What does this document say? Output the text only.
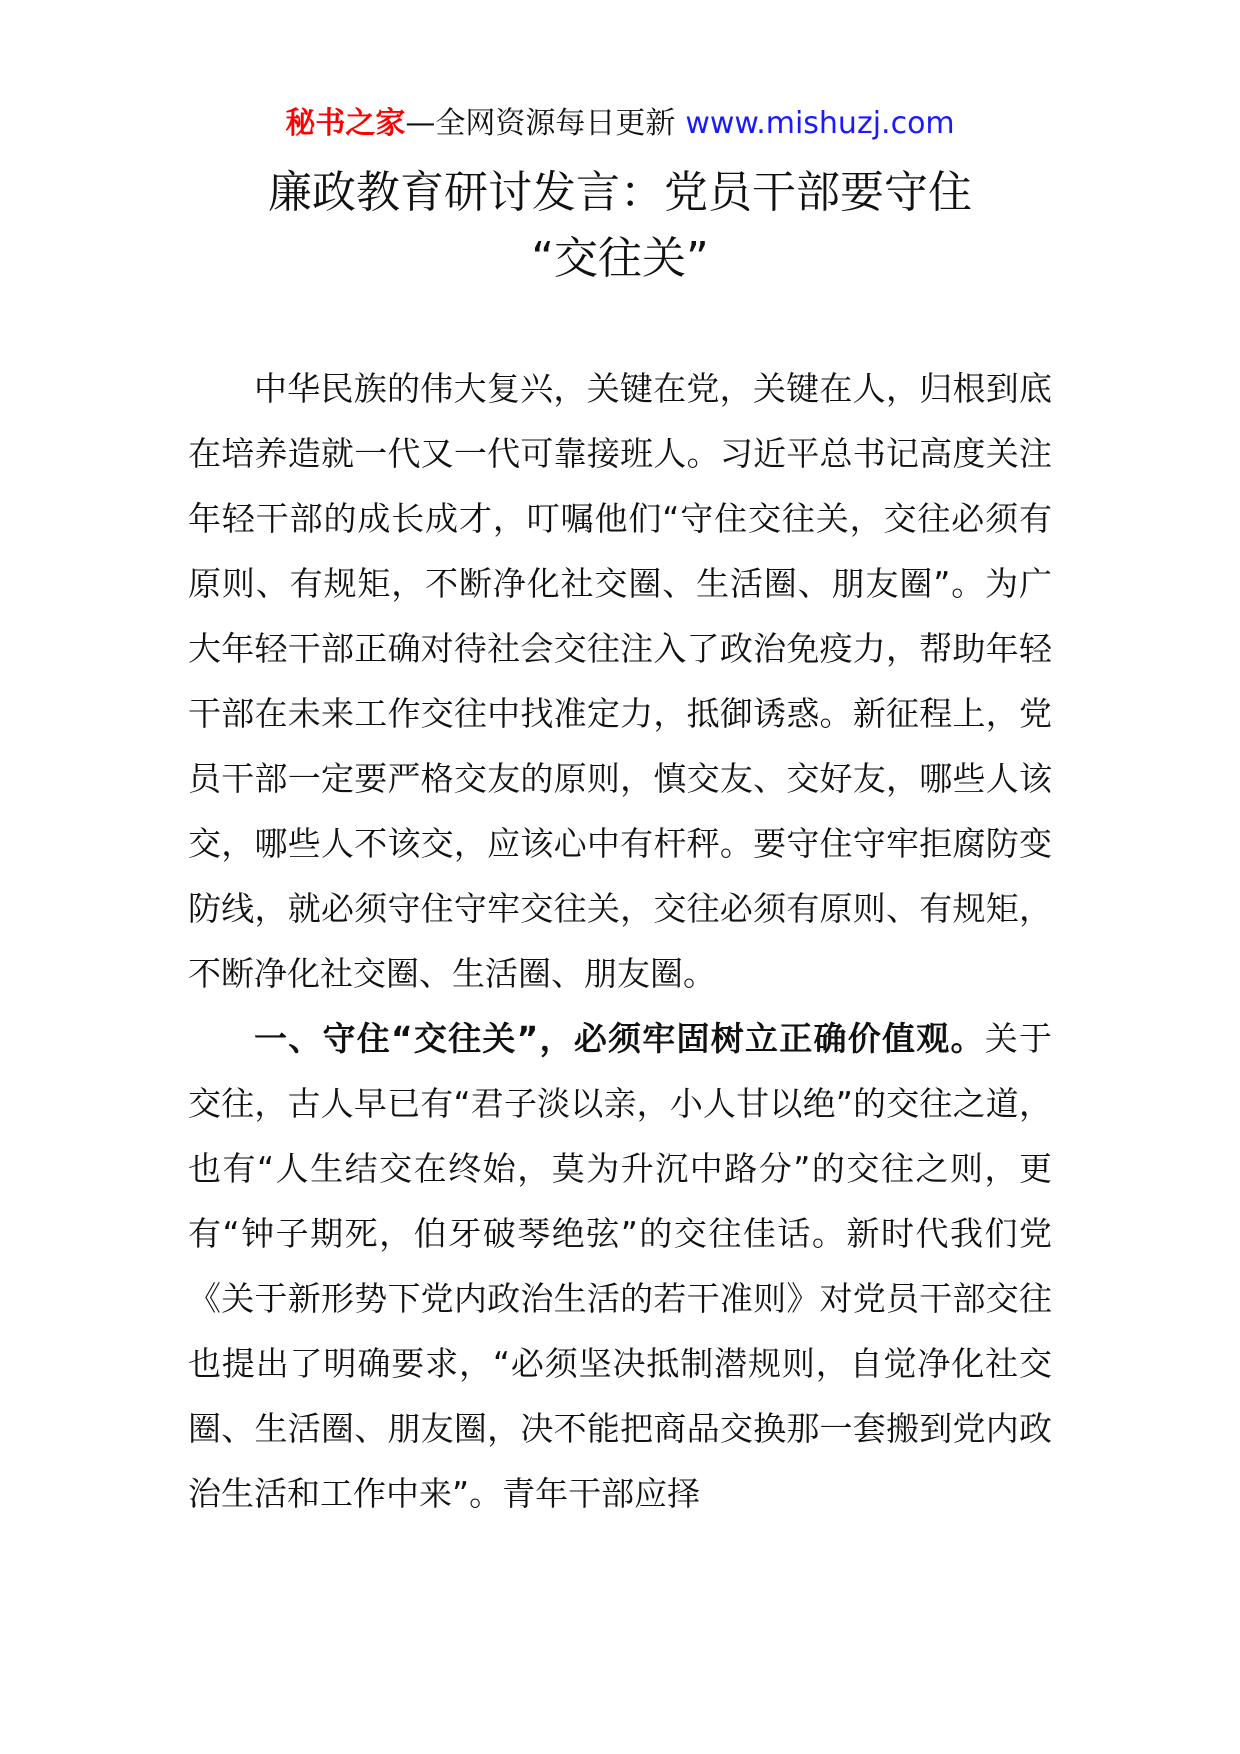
秘书之家—全网资源每日更新 www.mishuzj.com
廉政教育研讨发言：党员干部要守住
“交往关”

中华民族的伟大复兴，关键在党，关键在人，归根到底在培养造就一代又一代可靠接班人。习近平总书记高度关注年轻干部的成长成才，叮嘱他们“守住交往关，交往必须有原则、有规矩，不断净化社交圈、生活圈、朋友圈”。为广大年轻干部正确对待社会交往注入了政治免疫力，帮助年轻干部在未来工作交往中找准定力，抵御诱惑。新征程上，党员干部一定要严格交友的原则，慎交友、交好友，哪些人该交，哪些人不该交，应该心中有杆秤。要守住守牢拒腐防变防线，就必须守住守牢交往关，交往必须有原则、有规矩，不断净化社交圈、生活圈、朋友圈。

一、守住“交往关”，必须牢固树立正确价值观。关于交往，古人早已有“君子淡以亲，小人甘以绝”的交往之道，也有“人生结交在终始，莫为升沉中路分”的交往之则，更有“钟子期死，伯牙破琴绝弦”的交往佳话。新时代我们党《关于新形势下党内政治生活的若干准则》对党员干部交往也提出了明确要求，“必须坚决抵制潜规则，自觉净化社交圈、生活圈、朋友圈，决不能把商品交换那一套搬到党内政治生活和工作中来”。青年干部应择
